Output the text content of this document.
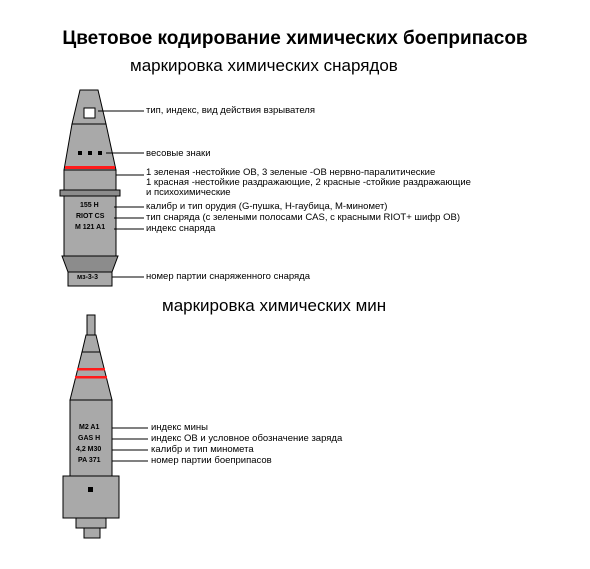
Цветовое кодирование химических боеприпасов
маркировка химических снарядов
маркировка химических мин
тип, индекс, вид действия взрывателя
весовые знаки
1 зеленая -нестойкие ОВ, 3 зеленые -ОВ нервно-паралитические
1 красная -нестойкие раздражающие, 2 красные -стойкие раздражающие
и психохимические
калибр и тип орудия (G-пушка, H-гаубица, M-миномет)
тип снаряда (с зелеными полосами CAS, с красными RIOT+ шифр ОВ)
индекс снаряда
номер партии снаряженного снаряда
155 H
RIOT CS
M 121 A1
мз-3-3
индекс мины
индекс ОВ и условное обозначение заряда
калибр и тип миномета
номер партии боеприпасов
M2 A1
GAS H
4,2 M30
PA 371
